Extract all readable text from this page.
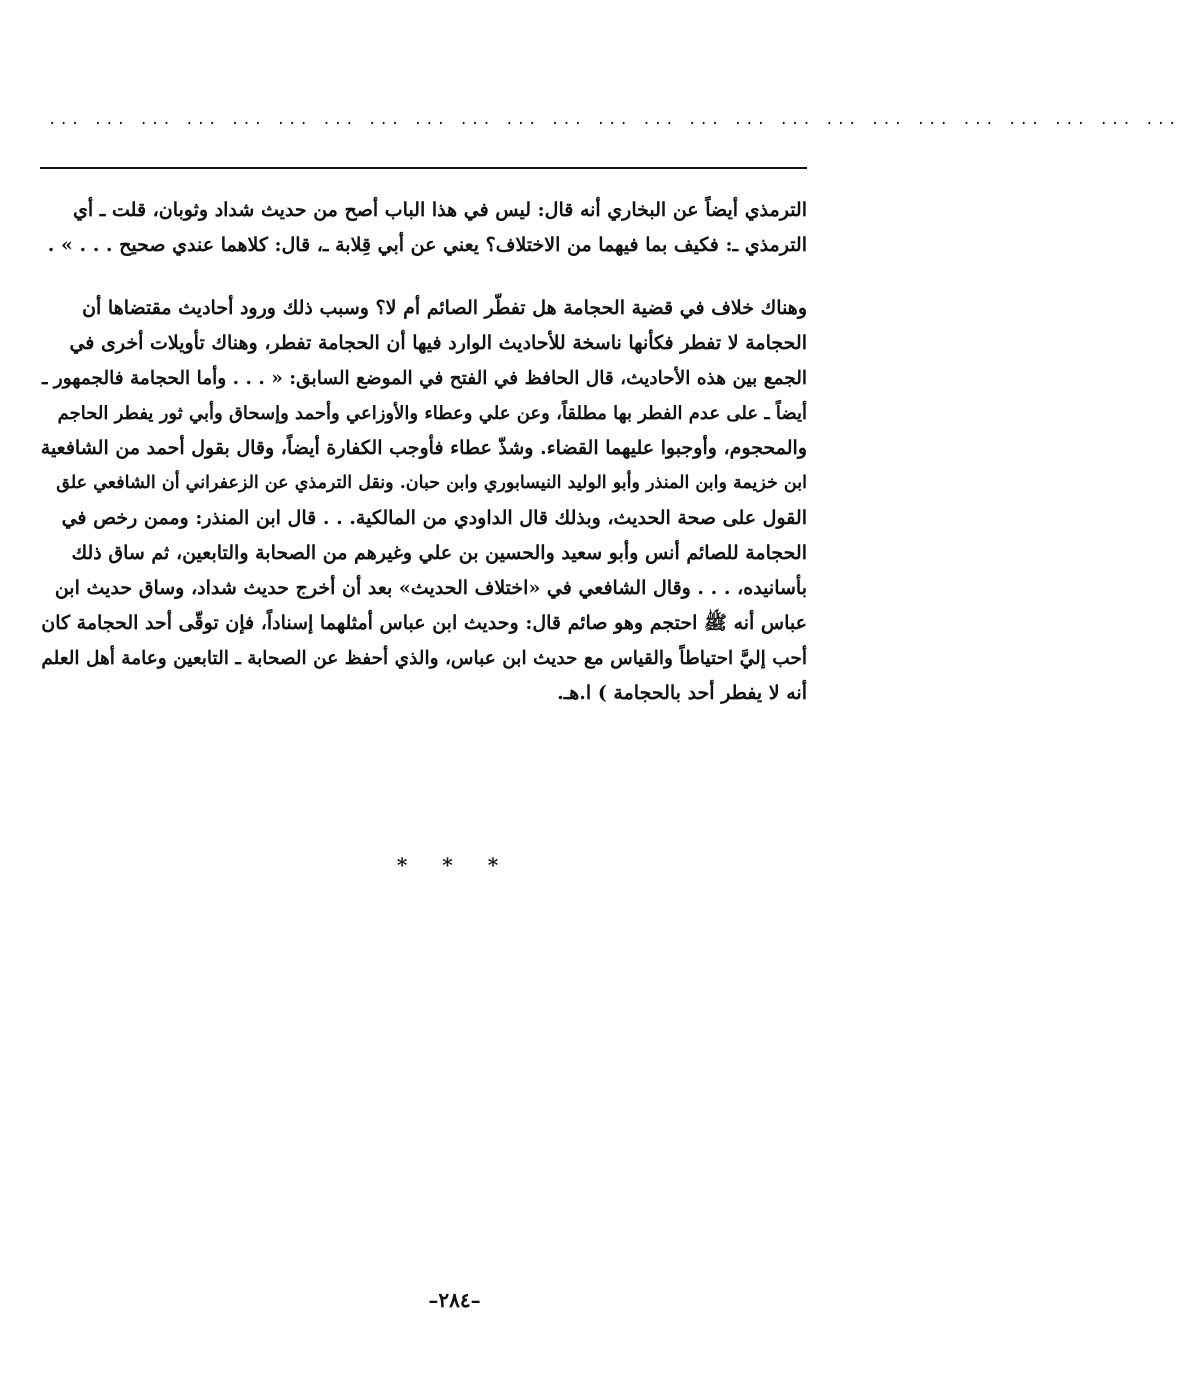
... ... ... ... ... ... ... ... ... ... ... ... ... ... ... ... ... ... ... ... ... ... ... ... ...
الترمذي أيضاً عن البخاري أنه قال: ليس في هذا الباب أصح من حديث شداد وثوبان، قلت ـ أي
الترمذي ـ: فكيف بما فيهما من الاختلاف؟ يعني عن أبي قِلابة ـ، قال: كلاهما عندي صحيح . . . » .
وهناك خلاف في قضية الحجامة هل تفطّر الصائم أم لا؟ وسبب ذلك ورود أحاديث مقتضاها أن
الحجامة لا تفطر فكأنها ناسخة للأحاديث الوارد فيها أن الحجامة تفطر، وهناك تأويلات أخرى في
الجمع بين هذه الأحاديث، قال الحافظ في الفتح في الموضع السابق: « . . . وأما الحجامة فالجمهور ـ
أيضاً ـ على عدم الفطر بها مطلقاً، وعن علي وعطاء والأوزاعي وأحمد وإسحاق وأبي ثور يفطر الحاجم
والمحجوم، وأوجبوا عليهما القضاء. وشذّ عطاء فأوجب الكفارة أيضاً، وقال بقول أحمد من الشافعية
ابن خزيمة وابن المنذر وأبو الوليد النيسابوري وابن حبان. ونقل الترمذي عن الزعفراني أن الشافعي علق
القول على صحة الحديث، وبذلك قال الداودي من المالكية. . . قال ابن المنذر: وممن رخص في
الحجامة للصائم أنس وأبو سعيد والحسين بن علي وغيرهم من الصحابة والتابعين، ثم ساق ذلك
بأسانيده، . . . وقال الشافعي في «اختلاف الحديث» بعد أن أخرج حديث شداد، وساق حديث ابن
عباس أنه ﷺ احتجم وهو صائم قال: وحديث ابن عباس أمثلهما إسناداً، فإن توقّى أحد الحجامة كان
أحب إليَّ احتياطاً والقياس مع حديث ابن عباس، والذي أحفظ عن الصحابة ـ التابعين وعامة أهل العلم
أنه لا يفطر أحد بالحجامة ) ا.هـ.
* * *
–٢٨٤–
